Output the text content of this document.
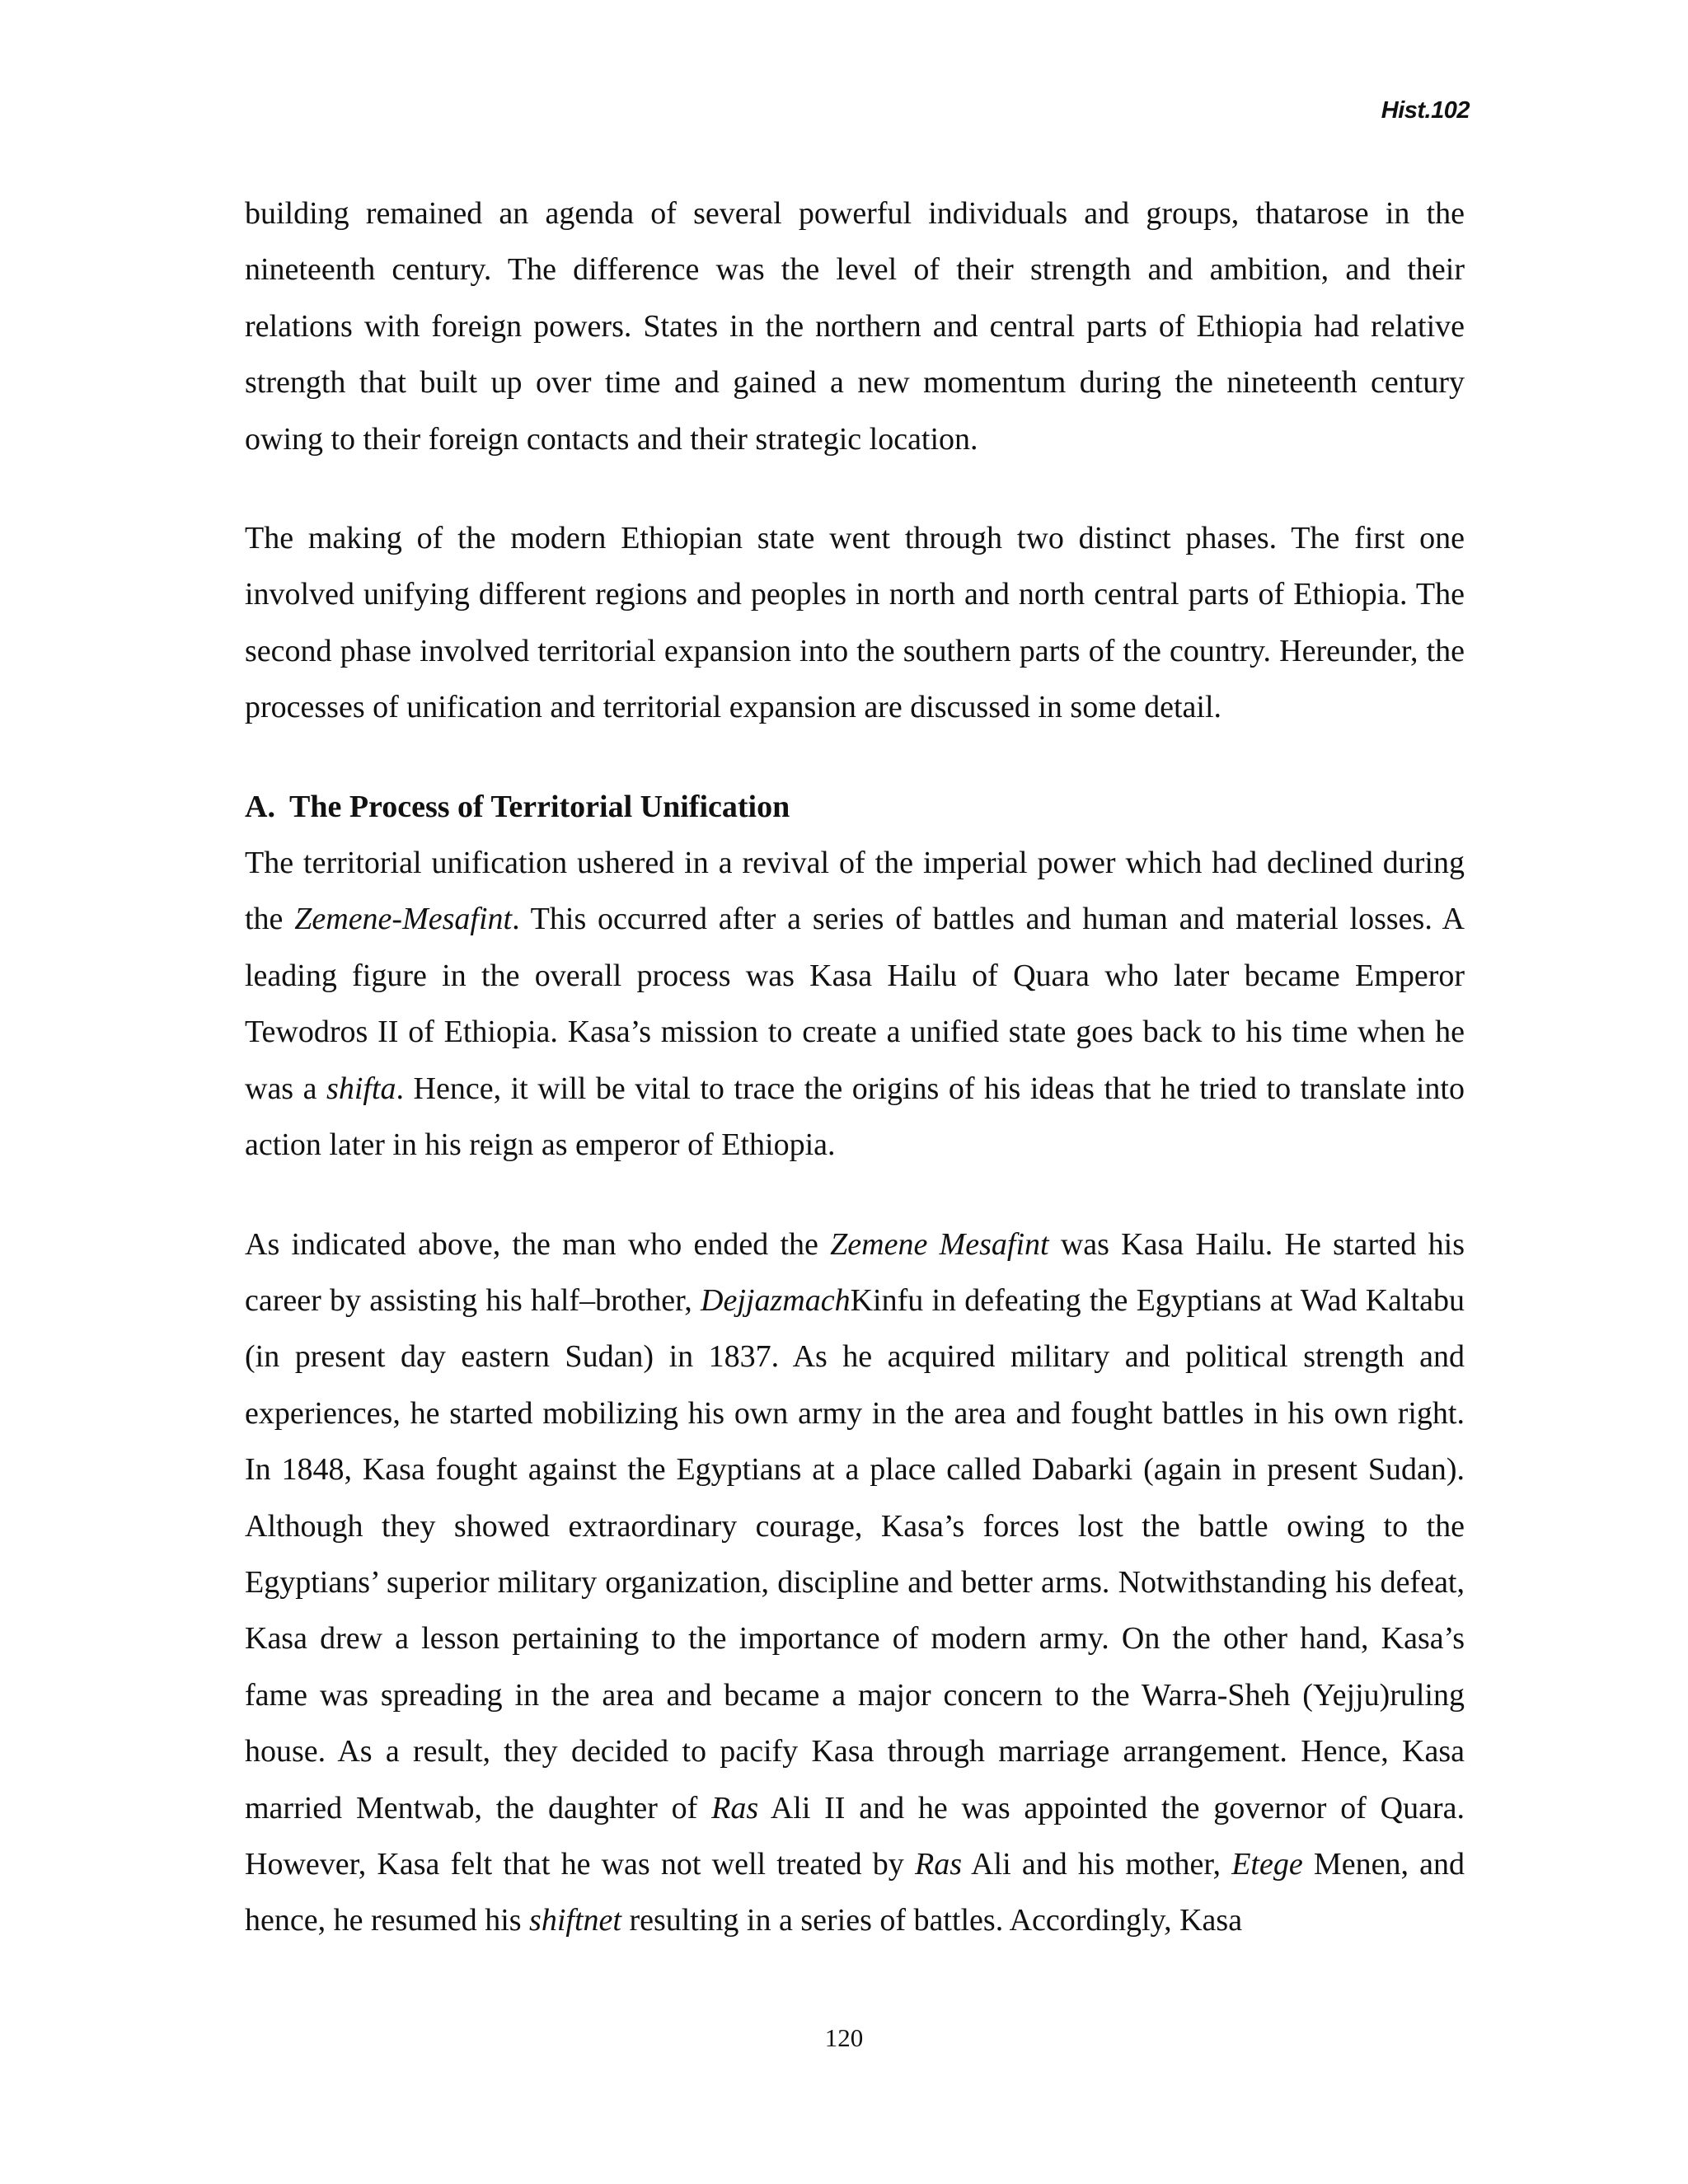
Hist.102

building remained an agenda of several powerful individuals and groups, thatarose in the nineteenth century. The difference was the level of their strength and ambition, and their relations with foreign powers. States in the northern and central parts of Ethiopia had relative strength that built up over time and gained a new momentum during the nineteenth century owing to their foreign contacts and their strategic location.

The making of the modern Ethiopian state went through two distinct phases. The first one involved unifying different regions and peoples in north and north central parts of Ethiopia. The second phase involved territorial expansion into the southern parts of the country. Hereunder, the processes of unification and territorial expansion are discussed in some detail.

A. The Process of Territorial Unification

The territorial unification ushered in a revival of the imperial power which had declined during the Zemene-Mesafint. This occurred after a series of battles and human and material losses. A leading figure in the overall process was Kasa Hailu of Quara who later became Emperor Tewodros II of Ethiopia. Kasa’s mission to create a unified state goes back to his time when he was a shifta. Hence, it will be vital to trace the origins of his ideas that he tried to translate into action later in his reign as emperor of Ethiopia.

As indicated above, the man who ended the Zemene Mesafint was Kasa Hailu. He started his career by assisting his half–brother, DejjazmachKinfu in defeating the Egyptians at Wad Kaltabu (in present day eastern Sudan) in 1837. As he acquired military and political strength and experiences, he started mobilizing his own army in the area and fought battles in his own right. In 1848, Kasa fought against the Egyptians at a place called Dabarki (again in present Sudan). Although they showed extraordinary courage, Kasa’s forces lost the battle owing to the Egyptians’ superior military organization, discipline and better arms. Notwithstanding his defeat, Kasa drew a lesson pertaining to the importance of modern army. On the other hand, Kasa’s fame was spreading in the area and became a major concern to the Warra-Sheh (Yejju)ruling house. As a result, they decided to pacify Kasa through marriage arrangement. Hence, Kasa married Mentwab, the daughter of Ras Ali II and he was appointed the governor of Quara. However, Kasa felt that he was not well treated by Ras Ali and his mother, Etege Menen, and hence, he resumed his shiftnet resulting in a series of battles. Accordingly, Kasa

120
